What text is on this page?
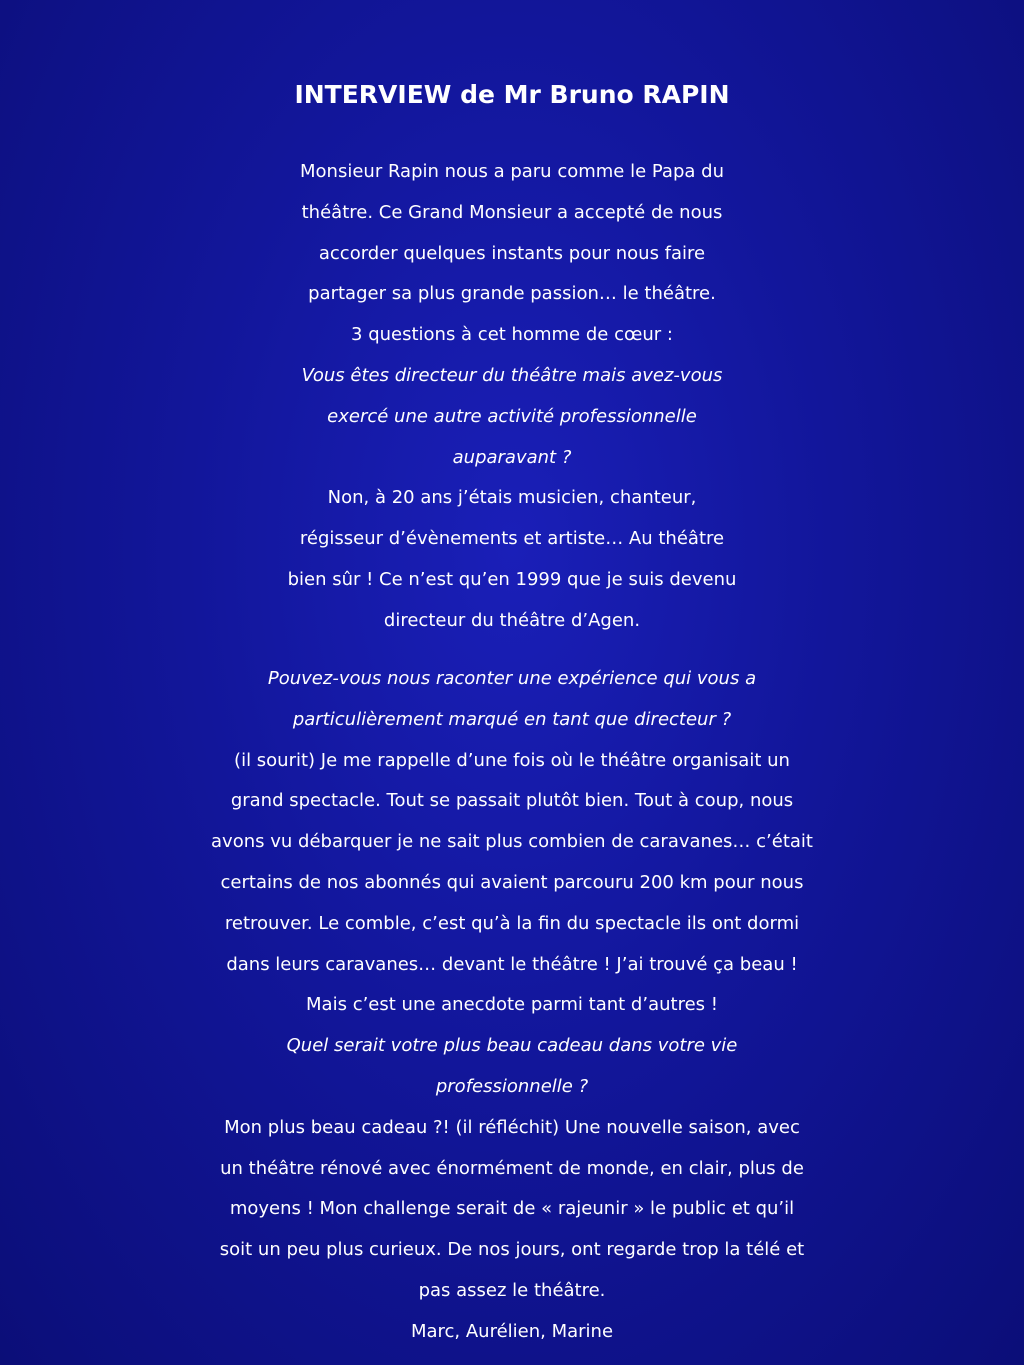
INTERVIEW de Mr Bruno RAPIN
Monsieur Rapin nous a paru comme le Papa du
théâtre. Ce Grand Monsieur a accepté de nous
accorder quelques instants pour nous faire
partager sa plus grande passion… le théâtre.
3 questions à cet homme de cœur :
Vous êtes directeur du théâtre mais avez-vous
exercé une autre activité professionnelle
auparavant ?
Non, à 20 ans j’étais musicien, chanteur,
régisseur d’évènements et artiste… Au théâtre
bien sûr ! Ce n’est qu’en 1999 que je suis devenu
directeur du théâtre d’Agen.
Pouvez-vous nous raconter une expérience qui vous a
particulièrement marqué en tant que directeur ?
(il sourit) Je me rappelle d’une fois où le théâtre organisait un
grand spectacle. Tout se passait plutôt bien. Tout à coup, nous
avons vu débarquer je ne sait plus combien de caravanes… c’était
certains de nos abonnés qui avaient parcouru 200 km pour nous
retrouver. Le comble, c’est qu’à la fin du spectacle ils ont dormi
dans leurs caravanes… devant le théâtre ! J’ai trouvé ça beau !
Mais c’est une anecdote parmi tant d’autres !
Quel serait votre plus beau cadeau dans votre vie
professionnelle ?
Mon plus beau cadeau ?! (il réfléchit) Une nouvelle saison, avec
un théâtre rénové avec énormément de monde, en clair, plus de
moyens ! Mon challenge serait de « rajeunir » le public et qu’il
soit un peu plus curieux. De nos jours, ont regarde trop la télé et
pas assez le théâtre.
Marc, Aurélien, Marine
